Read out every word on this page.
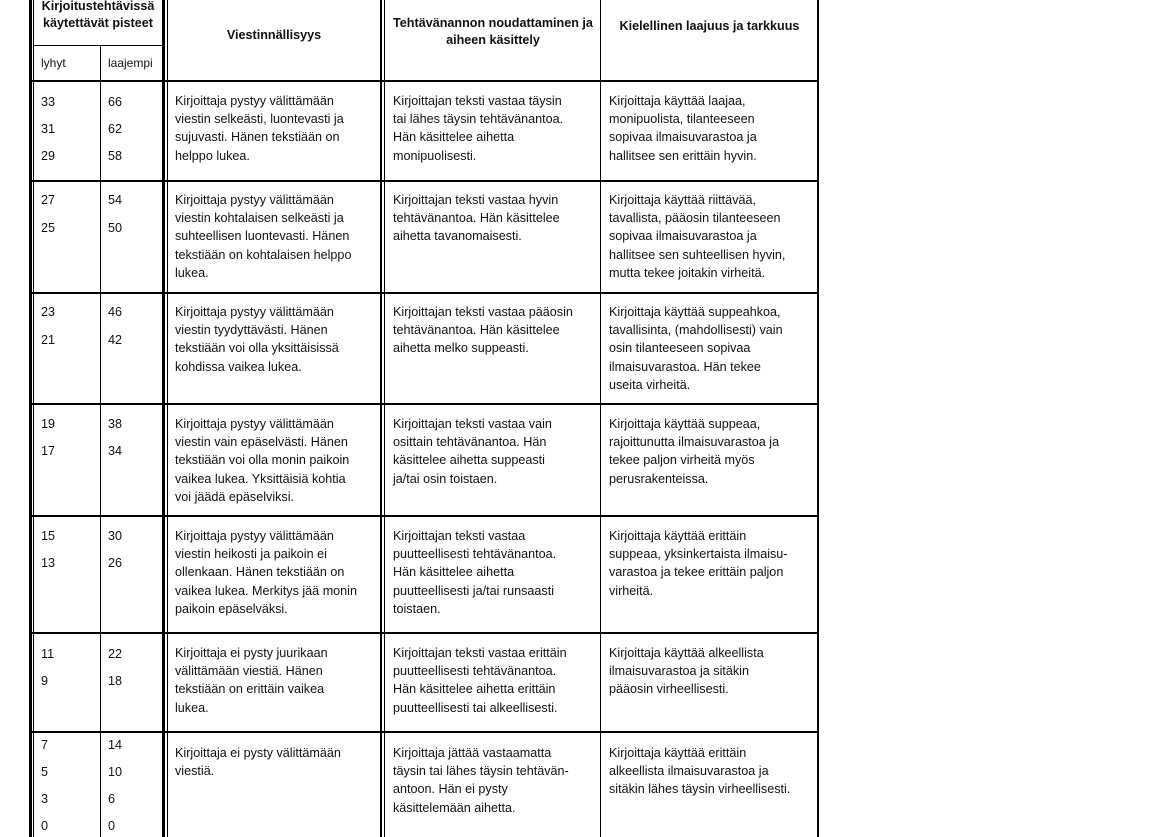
Kirjoitustehtävissä käytettävät pisteet
lyhyt	laajempi
Viestinnällisyys
Tehtävänannon noudattaminen ja aiheen käsittely
Kielellinen laajuus ja tarkkuus
33
31
29
66
62
58
Kirjoittaja pystyy välittämään
viestin selkeästi, luontevasti ja
sujuvasti. Hänen tekstiään on
helppo lukea.
Kirjoittajan teksti vastaa täysin
tai lähes täysin tehtävänantoa.
Hän käsittelee aihetta
monipuolisesti.
Kirjoittaja käyttää laajaa,
monipuolista, tilanteeseen
sopivaa ilmaisuvarastoa ja
hallitsee sen erittäin hyvin.
27
25
54
50
Kirjoittaja pystyy välittämään
viestin kohtalaisen selkeästi ja
suhteellisen luontevasti. Hänen
tekstiään on kohtalaisen helppo
lukea.
Kirjoittajan teksti vastaa hyvin
tehtävänantoa. Hän käsittelee
aihetta tavanomaisesti.
Kirjoittaja käyttää riittävää,
tavallista, pääosin tilanteeseen
sopivaa ilmaisuvarastoa ja
hallitsee sen suhteellisen hyvin,
mutta tekee joitakin virheitä.
23
21
46
42
Kirjoittaja pystyy välittämään
viestin tyydyttävästi. Hänen
tekstiään voi olla yksittäisissä
kohdissa vaikea lukea.
Kirjoittajan teksti vastaa pääosin
tehtävänantoa. Hän käsittelee
aihetta melko suppeasti.
Kirjoittaja käyttää suppeahkoa,
tavallisinta, (mahdollisesti) vain
osin tilanteeseen sopivaa
ilmaisuvarastoa. Hän tekee
useita virheitä.
19
17
38
34
Kirjoittaja pystyy välittämään
viestin vain epäselvästi. Hänen
tekstiään voi olla monin paikoin
vaikea lukea. Yksittäisiä kohtia
voi jäädä epäselviksi.
Kirjoittajan teksti vastaa vain
osittain tehtävänantoa. Hän
käsittelee aihetta suppeasti
ja/tai osin toistaen.
Kirjoittaja käyttää suppeaa,
rajoittunutta ilmaisuvarastoa ja
tekee paljon virheitä myös
perusrakenteissa.
15
13
30
26
Kirjoittaja pystyy välittämään
viestin heikosti ja paikoin ei
ollenkaan. Hänen tekstiään on
vaikea lukea. Merkitys jää monin
paikoin epäselväksi.
Kirjoittajan teksti vastaa
puutteellisesti tehtävänantoa.
Hän käsittelee aihetta
puutteellisesti ja/tai runsaasti
toistaen.
Kirjoittaja käyttää erittäin
suppeaa, yksinkertaista ilmaisu-
varastoa ja tekee erittäin paljon
virheitä.
11
9
22
18
Kirjoittaja ei pysty juurikaan
välittämään viestiä. Hänen
tekstiään on erittäin vaikea
lukea.
Kirjoittajan teksti vastaa erittäin
puutteellisesti tehtävänantoa.
Hän käsittelee aihetta erittäin
puutteellisesti tai alkeellisesti.
Kirjoittaja käyttää alkeellista
ilmaisuvarastoa ja sitäkin
pääosin virheellisesti.
7
5
3
0
14
10
6
0
Kirjoittaja ei pysty välittämään
viestiä.
Kirjoittaja jättää vastaamatta
täysin tai lähes täysin tehtävän-
antoon. Hän ei pysty
käsittelemään aihetta.
Kirjoittaja käyttää erittäin
alkeellista ilmaisuvarastoa ja
sitäkin lähes täysin virheellisesti.
